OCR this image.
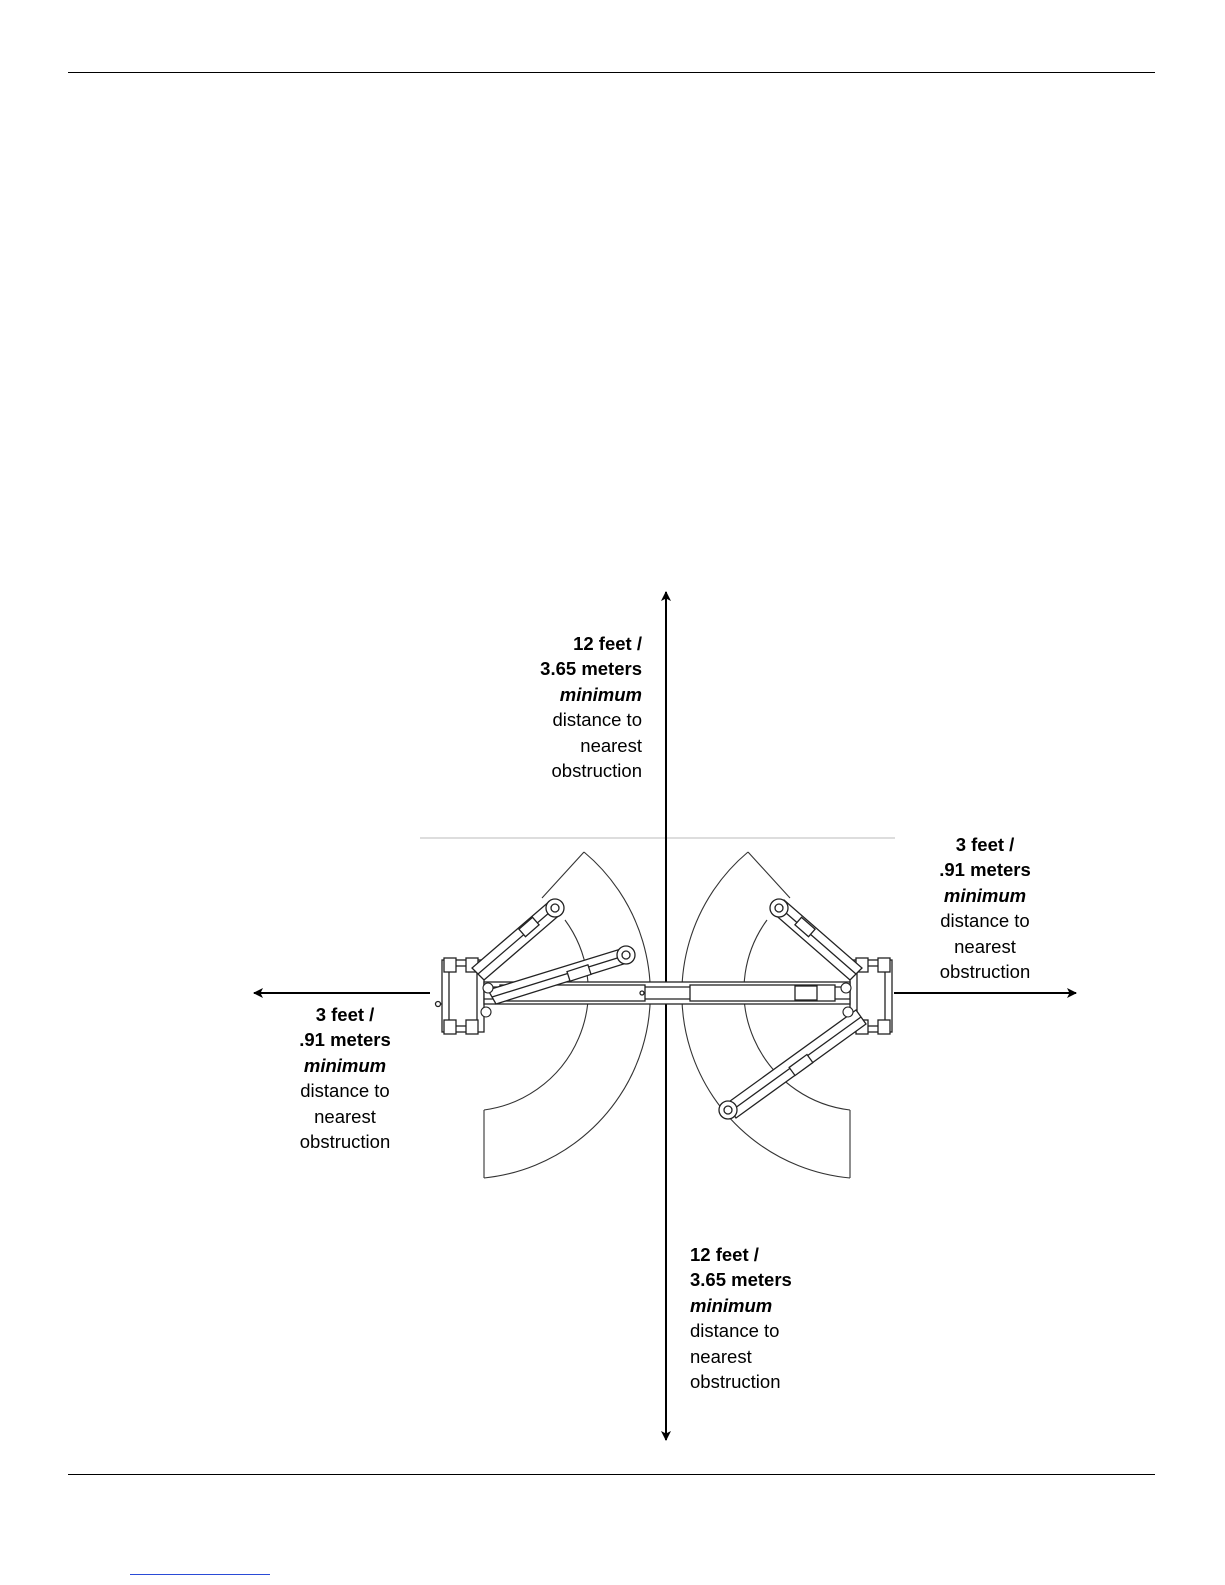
12 feet /
3.65 meters
minimum
distance to
nearest
obstruction
3 feet /
.91 meters
minimum
distance to
nearest
obstruction
3 feet /
.91 meters
minimum
distance to
nearest
obstruction
12 feet /
3.65 meters
minimum
distance to
nearest
obstruction
